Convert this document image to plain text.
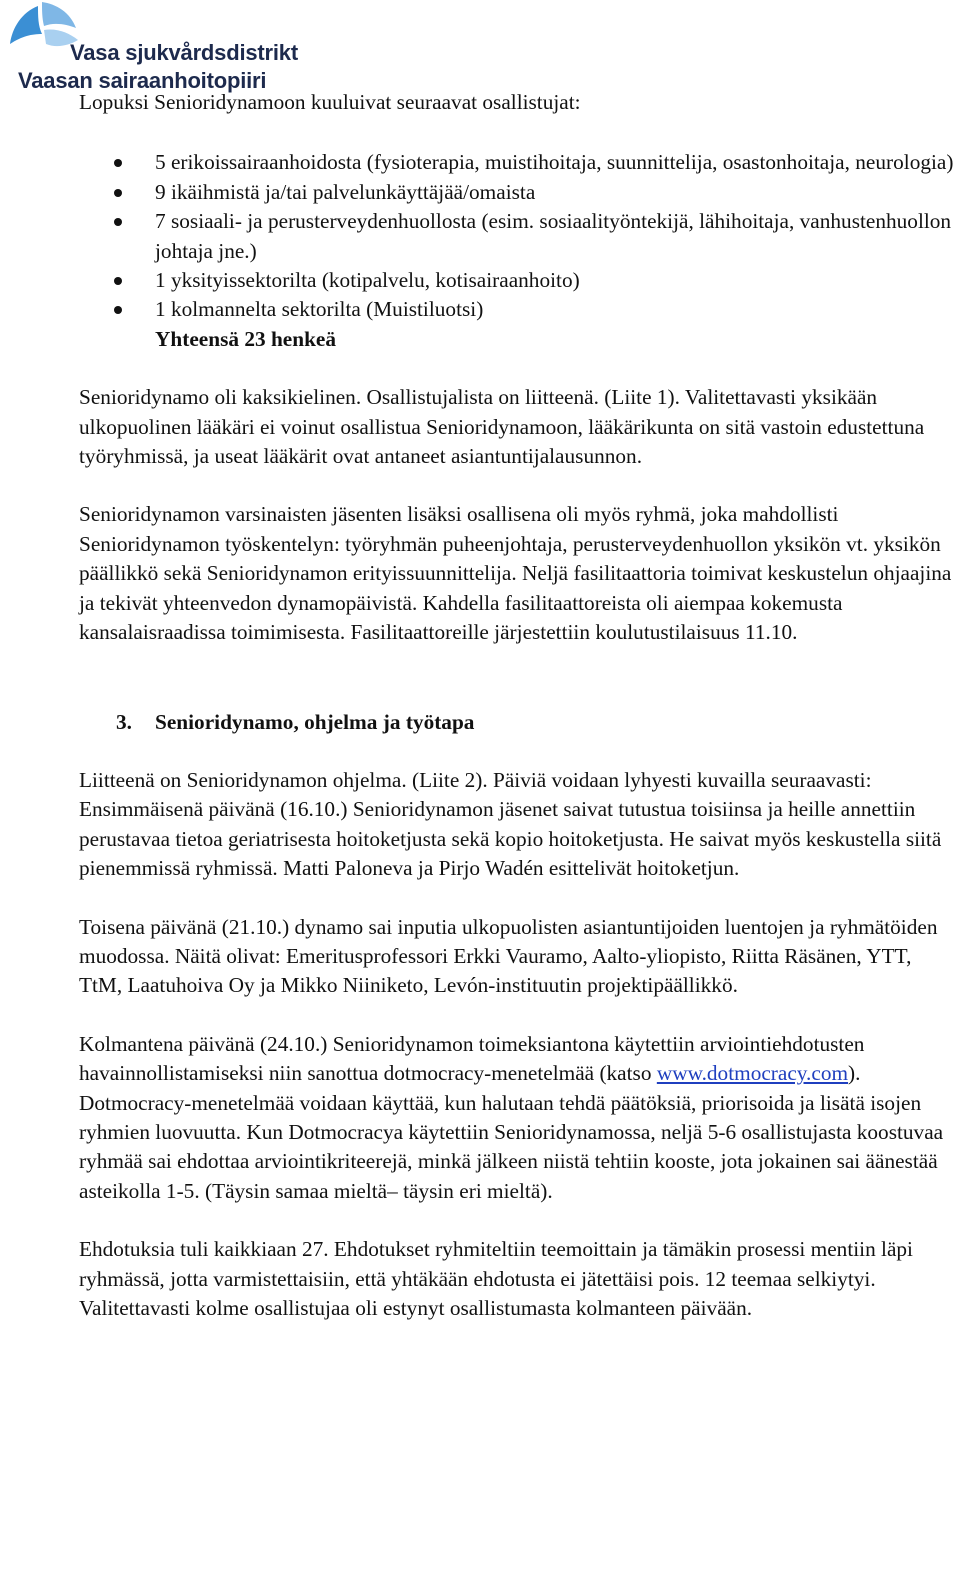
Vasa sjukvårdsdistrikt
Vaasan sairaanhoitopiiri

Lopuksi Senioridynamoon kuuluivat seuraavat osallistujat:

5 erikoissairaanhoidosta (fysioterapia, muistihoitaja, suunnittelija, osastonhoitaja, neurologia)
9 ikäihmistä ja/tai palvelunkäyttäjää/omaista
7 sosiaali- ja perusterveydenhuollosta (esim. sosiaalityöntekijä, lähihoitaja, vanhustenhuollon johtaja jne.)
1 yksityissektorilta (kotipalvelu, kotisairaanhoito)
1 kolmannelta sektorilta (Muistiluotsi)

Yhteensä 23 henkeä

Senioridynamo oli kaksikielinen. Osallistujalista on liitteenä. (Liite 1). Valitettavasti yksikään ulkopuolinen lääkäri ei voinut osallistua Senioridynamoon, lääkärikunta on sitä vastoin edustettuna työryhmissä, ja useat lääkärit ovat antaneet asiantuntijalausunnon.

Senioridynamon varsinaisten jäsenten lisäksi osallisena oli myös ryhmä, joka mahdollisti Senioridynamon työskentelyn: työryhmän puheenjohtaja, perusterveydenhuollon yksikön vt. yksikön päällikkö sekä Senioridynamon erityissuunnittelija. Neljä fasilitaattoria toimivat keskustelun ohjaajina ja tekivät yhteenvedon dynamopäivistä. Kahdella fasilitaattoreista oli aiempaa kokemusta kansalaisraadissa toimimisesta. Fasilitaattoreille järjestettiin koulutustilaisuus 11.10.

3. Senioridynamo, ohjelma ja työtapa

Liitteenä on Senioridynamon ohjelma. (Liite 2). Päiviä voidaan lyhyesti kuvailla seuraavasti:

Ensimmäisenä päivänä (16.10.) Senioridynamon jäsenet saivat tutustua toisiinsa ja heille annettiin perustavaa tietoa geriatrisesta hoitoketjusta sekä kopio hoitoketjusta. He saivat myös keskustella siitä pienemmissä ryhmissä. Matti Paloneva ja Pirjo Wadén esittelivät hoitoketjun.

Toisena päivänä (21.10.) dynamo sai inputia ulkopuolisten asiantuntijoiden luentojen ja ryhmätöiden muodossa. Näitä olivat: Emeritusprofessori Erkki Vauramo, Aalto-yliopisto, Riitta Räsänen, YTT, TtM, Laatuhoiva Oy ja Mikko Niiniketo, Levón-instituutin projektipäällikkö.

Kolmantena päivänä (24.10.) Senioridynamon toimeksiantona käytettiin arviointiehdotusten havainnollistamiseksi niin sanottua dotmocracy-menetelmää (katso www.dotmocracy.com). Dotmocracy-menetelmää voidaan käyttää, kun halutaan tehdä päätöksiä, priorisoida ja lisätä isojen ryhmien luovuutta. Kun Dotmocracya käytettiin Senioridynamossa, neljä 5-6 osallistujasta koostuvaa ryhmää sai ehdottaa arviointikriteerejä, minkä jälkeen niistä tehtiin kooste, jota jokainen sai äänestää asteikolla 1-5. (Täysin samaa mieltä– täysin eri mieltä).

Ehdotuksia tuli kaikkiaan 27. Ehdotukset ryhmiteltiin teemoittain ja tämäkin prosessi mentiin läpi ryhmässä, jotta varmistettaisiin, että yhtäkään ehdotusta ei jätettäisi pois. 12 teemaa selkiytyi. Valitettavasti kolme osallistujaa oli estynyt osallistumasta kolmanteen päivään.
